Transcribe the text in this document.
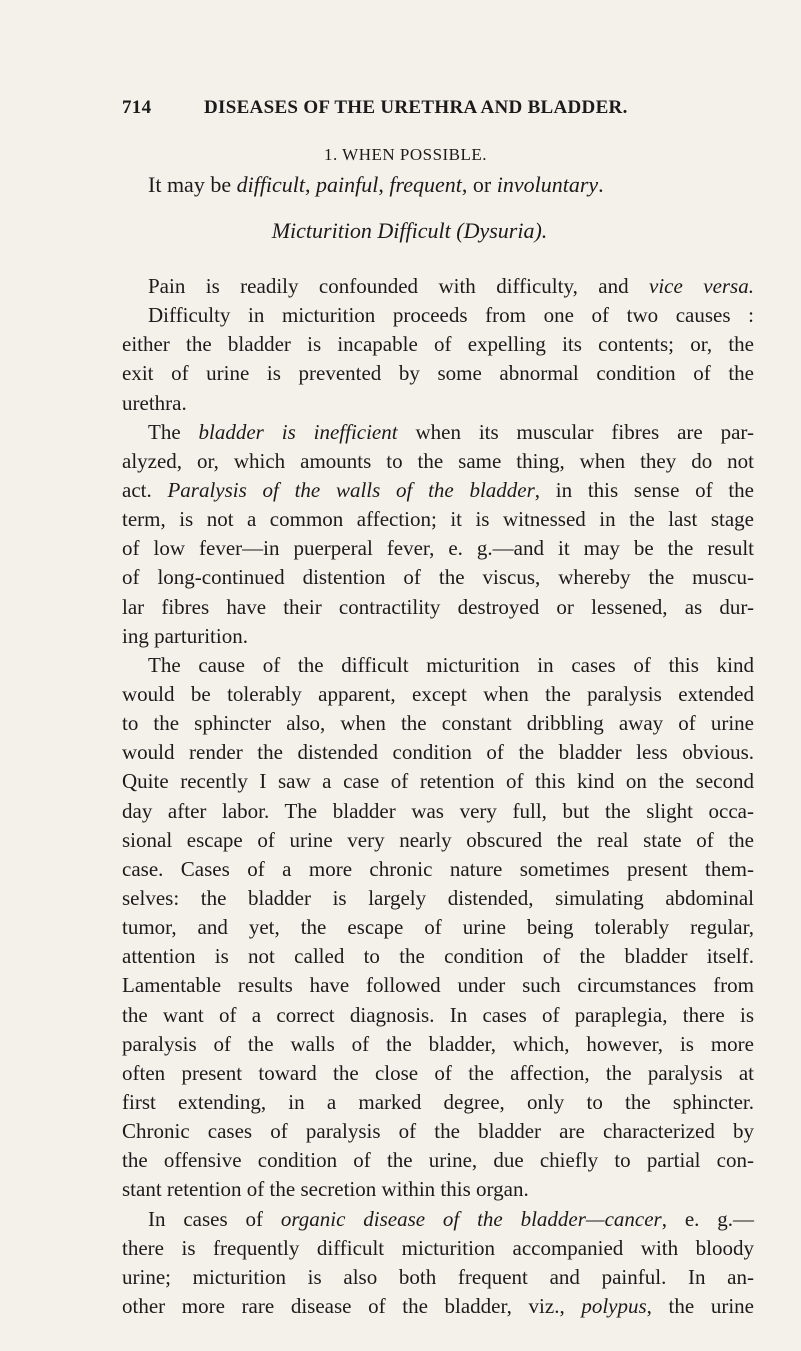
714	DISEASES OF THE URETHRA AND BLADDER.
1. WHEN POSSIBLE.
It may be difficult, painful, frequent, or involuntary.
Micturition Difficult (Dysuria).
Pain is readily confounded with difficulty, and vice versa.
Difficulty in micturition proceeds from one of two causes :
either the bladder is incapable of expelling its contents; or, the
exit of urine is prevented by some abnormal condition of the
urethra.
The bladder is inefficient when its muscular fibres are par-
alyzed, or, which amounts to the same thing, when they do not
act. Paralysis of the walls of the bladder, in this sense of the
term, is not a common affection; it is witnessed in the last stage
of low fever—in puerperal fever, e. g.—and it may be the result
of long-continued distention of the viscus, whereby the muscu-
lar fibres have their contractility destroyed or lessened, as dur-
ing parturition.
The cause of the difficult micturition in cases of this kind
would be tolerably apparent, except when the paralysis extended
to the sphincter also, when the constant dribbling away of urine
would render the distended condition of the bladder less obvious.
Quite recently I saw a case of retention of this kind on the second
day after labor. The bladder was very full, but the slight occa-
sional escape of urine very nearly obscured the real state of the
case. Cases of a more chronic nature sometimes present them-
selves: the bladder is largely distended, simulating abdominal
tumor, and yet, the escape of urine being tolerably regular,
attention is not called to the condition of the bladder itself.
Lamentable results have followed under such circumstances from
the want of a correct diagnosis. In cases of paraplegia, there is
paralysis of the walls of the bladder, which, however, is more
often present toward the close of the affection, the paralysis at
first extending, in a marked degree, only to the sphincter.
Chronic cases of paralysis of the bladder are characterized by
the offensive condition of the urine, due chiefly to partial con-
stant retention of the secretion within this organ.
In cases of organic disease of the bladder—cancer, e. g.—
there is frequently difficult micturition accompanied with bloody
urine; micturition is also both frequent and painful. In an-
other more rare disease of the bladder, viz., polypus, the urine
